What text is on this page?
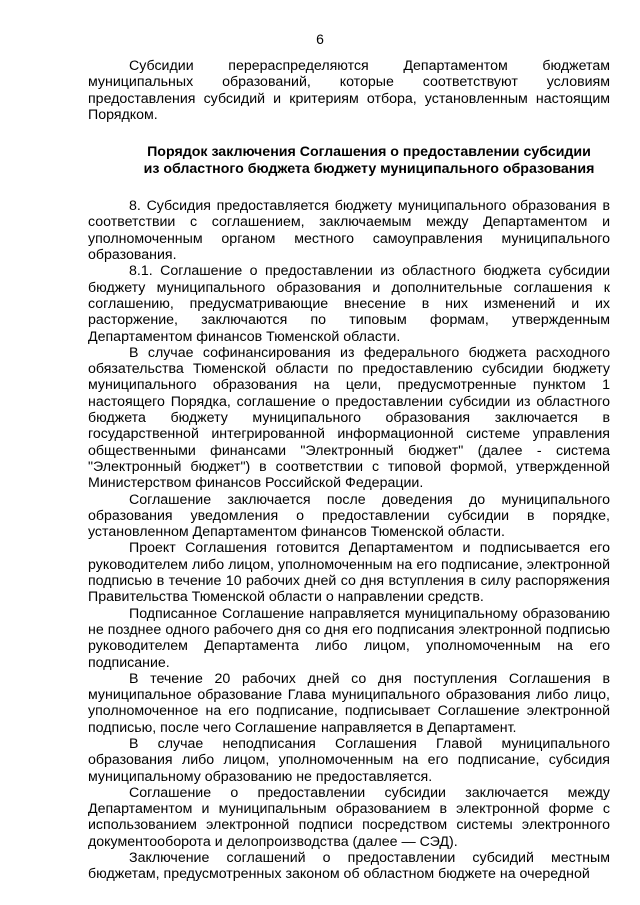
6

Субсидии перераспределяются Департаментом бюджетам муниципальных образований, которые соответствуют условиям предоставления субсидий и критериям отбора, установленным настоящим Порядком.

Порядок заключения Соглашения о предоставлении субсидии
из областного бюджета бюджету муниципального образования

8. Субсидия предоставляется бюджету муниципального образования в соответствии с соглашением, заключаемым между Департаментом и уполномоченным органом местного самоуправления муниципального образования.

8.1. Соглашение о предоставлении из областного бюджета субсидии бюджету муниципального образования и дополнительные соглашения к соглашению, предусматривающие внесение в них изменений и их расторжение, заключаются по типовым формам, утвержденным Департаментом финансов Тюменской области.

В случае софинансирования из федерального бюджета расходного обязательства Тюменской области по предоставлению субсидии бюджету муниципального образования на цели, предусмотренные пунктом 1 настоящего Порядка, соглашение о предоставлении субсидии из областного бюджета бюджету муниципального образования заключается в государственной интегрированной информационной системе управления общественными финансами "Электронный бюджет" (далее - система "Электронный бюджет") в соответствии с типовой формой, утвержденной Министерством финансов Российской Федерации.

Соглашение заключается после доведения до муниципального образования уведомления о предоставлении субсидии в порядке, установленном Департаментом финансов Тюменской области.

Проект Соглашения готовится Департаментом и подписывается его руководителем либо лицом, уполномоченным на его подписание, электронной подписью в течение 10 рабочих дней со дня вступления в силу распоряжения Правительства Тюменской области о направлении средств.

Подписанное Соглашение направляется муниципальному образованию не позднее одного рабочего дня со дня его подписания электронной подписью руководителем Департамента либо лицом, уполномоченным на его подписание.

В течение 20 рабочих дней со дня поступления Соглашения в муниципальное образование Глава муниципального образования либо лицо, уполномоченное на его подписание, подписывает Соглашение электронной подписью, после чего Соглашение направляется в Департамент.

В случае неподписания Соглашения Главой муниципального образования либо лицом, уполномоченным на его подписание, субсидия муниципальному образованию не предоставляется.

Соглашение о предоставлении субсидии заключается между Департаментом и муниципальным образованием в электронной форме с использованием электронной подписи посредством системы электронного документооборота и делопроизводства (далее — СЭД).

Заключение соглашений о предоставлении субсидий местным бюджетам, предусмотренных законом об областном бюджете на очередной
